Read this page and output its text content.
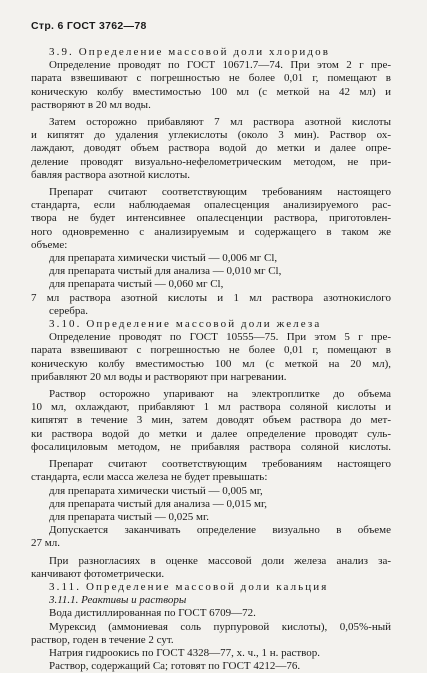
Стр. 6 ГОСТ 3762—78

3.9. Определение массовой доли хлоридов

Определение проводят по ГОСТ 10671.7—74. При этом 2 г пре-

парата взвешивают с погрешностью не более 0,01 г, помещают в

коническую колбу вместимостью 100 мл (с меткой на 42 мл) и

растворяют в 20 мл воды.

Затем осторожно прибавляют 7 мл раствора азотной кислоты

и кипятят до удаления углекислоты (около 3 мин). Раствор ох-

лаждают, доводят объем раствора водой до метки и далее опре-

деление проводят визуально-нефелометрическим методом, не при-

бавляя раствора азотной кислоты.

Препарат считают соответствующим требованиям настоящего

стандарта, если наблюдаемая опалесценция анализируемого рас-

твора не будет интенсивнее опалесценции раствора, приготовлен-

ного одновременно с анализируемым и содержащего в таком же

объеме:

для препарата химически чистый — 0,006 мг Cl,

для препарата чистый для анализа — 0,010 мг Cl,

для препарата чистый — 0,060 мг Cl,

7 мл раствора азотной кислоты и 1 мл раствора азотнокислого

серебра.

3.10. Определение массовой доли железа

Определение проводят по ГОСТ 10555—75. При этом 5 г пре-

парата взвешивают с погрешностью не более 0,01 г, помещают в

коническую колбу вместимостью 100 мл (с меткой на 20 мл),

прибавляют 20 мл воды и растворяют при нагревании.

Раствор осторожно упаривают на электроплитке до объема

10 мл, охлаждают, прибавляют 1 мл раствора соляной кислоты и

кипятят в течение 3 мин, затем доводят объем раствора до мет-

ки раствора водой до метки и далее определение проводят суль-

фосалициловым методом, не прибавляя раствора соляной кислоты.

Препарат считают соответствующим требованиям настоящего

стандарта, если масса железа не будет превышать:

для препарата химически чистый — 0,005 мг,

для препарата чистый для анализа — 0,015 мг,

для препарата чистый — 0,025 мг.

Допускается заканчивать определение визуально в объеме

27 мл.

При разногласиях в оценке массовой доли железа анализ за-

канчивают фотометрически.

3.11. Определение массовой доли кальция

3.11.1. Реактивы и растворы

Вода дистиллированная по ГОСТ 6709—72.

Мурексид (аммониевая соль пурпуровой кислоты), 0,05%-ный

раствор, годен в течение 2 сут.

Натрия гидроокись по ГОСТ 4328—77, х. ч., 1 н. раствор.

Раствор, содержащий Ca; готовят по ГОСТ 4212—76.
